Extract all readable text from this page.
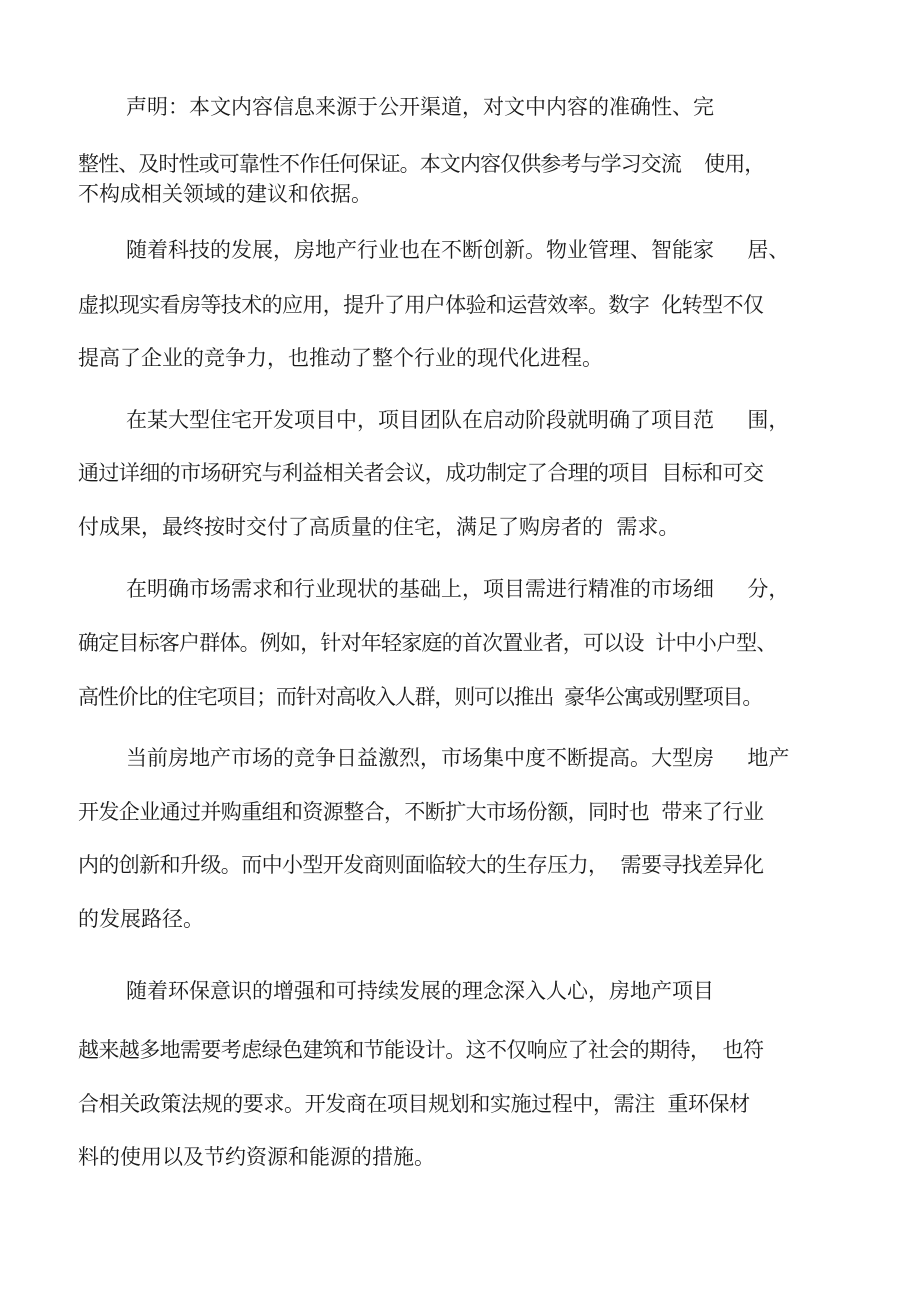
声明：本文内容信息来源于公开渠道，对文中内容的准确性、完
整性、及时性或可靠性不作任何保证。本文内容仅供参考与学习交流    使用，
不构成相关领域的建议和依据。
随着科技的发展，房地产行业也在不断创新。物业管理、智能家     居、
虚拟现实看房等技术的应用，提升了用户体验和运营效率。数字  化转型不仅
提高了企业的竞争力，也推动了整个行业的现代化进程。
在某大型住宅开发项目中，项目团队在启动阶段就明确了项目范     围，
通过详细的市场研究与利益相关者会议，成功制定了合理的项目  目标和可交
付成果，最终按时交付了高质量的住宅，满足了购房者的  需求。
在明确市场需求和行业现状的基础上，项目需进行精准的市场细     分，
确定目标客户群体。例如，针对年轻家庭的首次置业者，可以设  计中小户型、
高性价比的住宅项目；而针对高收入人群，则可以推出  豪华公寓或别墅项目。
当前房地产市场的竞争日益激烈，市场集中度不断提高。大型房     地产
开发企业通过并购重组和资源整合，不断扩大市场份额，同时也  带来了行业
内的创新和升级。而中小型开发商则面临较大的生存压力，  需要寻找差异化
的发展路径。
随着环保意识的增强和可持续发展的理念深入人心，房地产项目
越来越多地需要考虑绿色建筑和节能设计。这不仅响应了社会的期待，  也符
合相关政策法规的要求。开发商在项目规划和实施过程中，需注  重环保材
料的使用以及节约资源和能源的措施。
